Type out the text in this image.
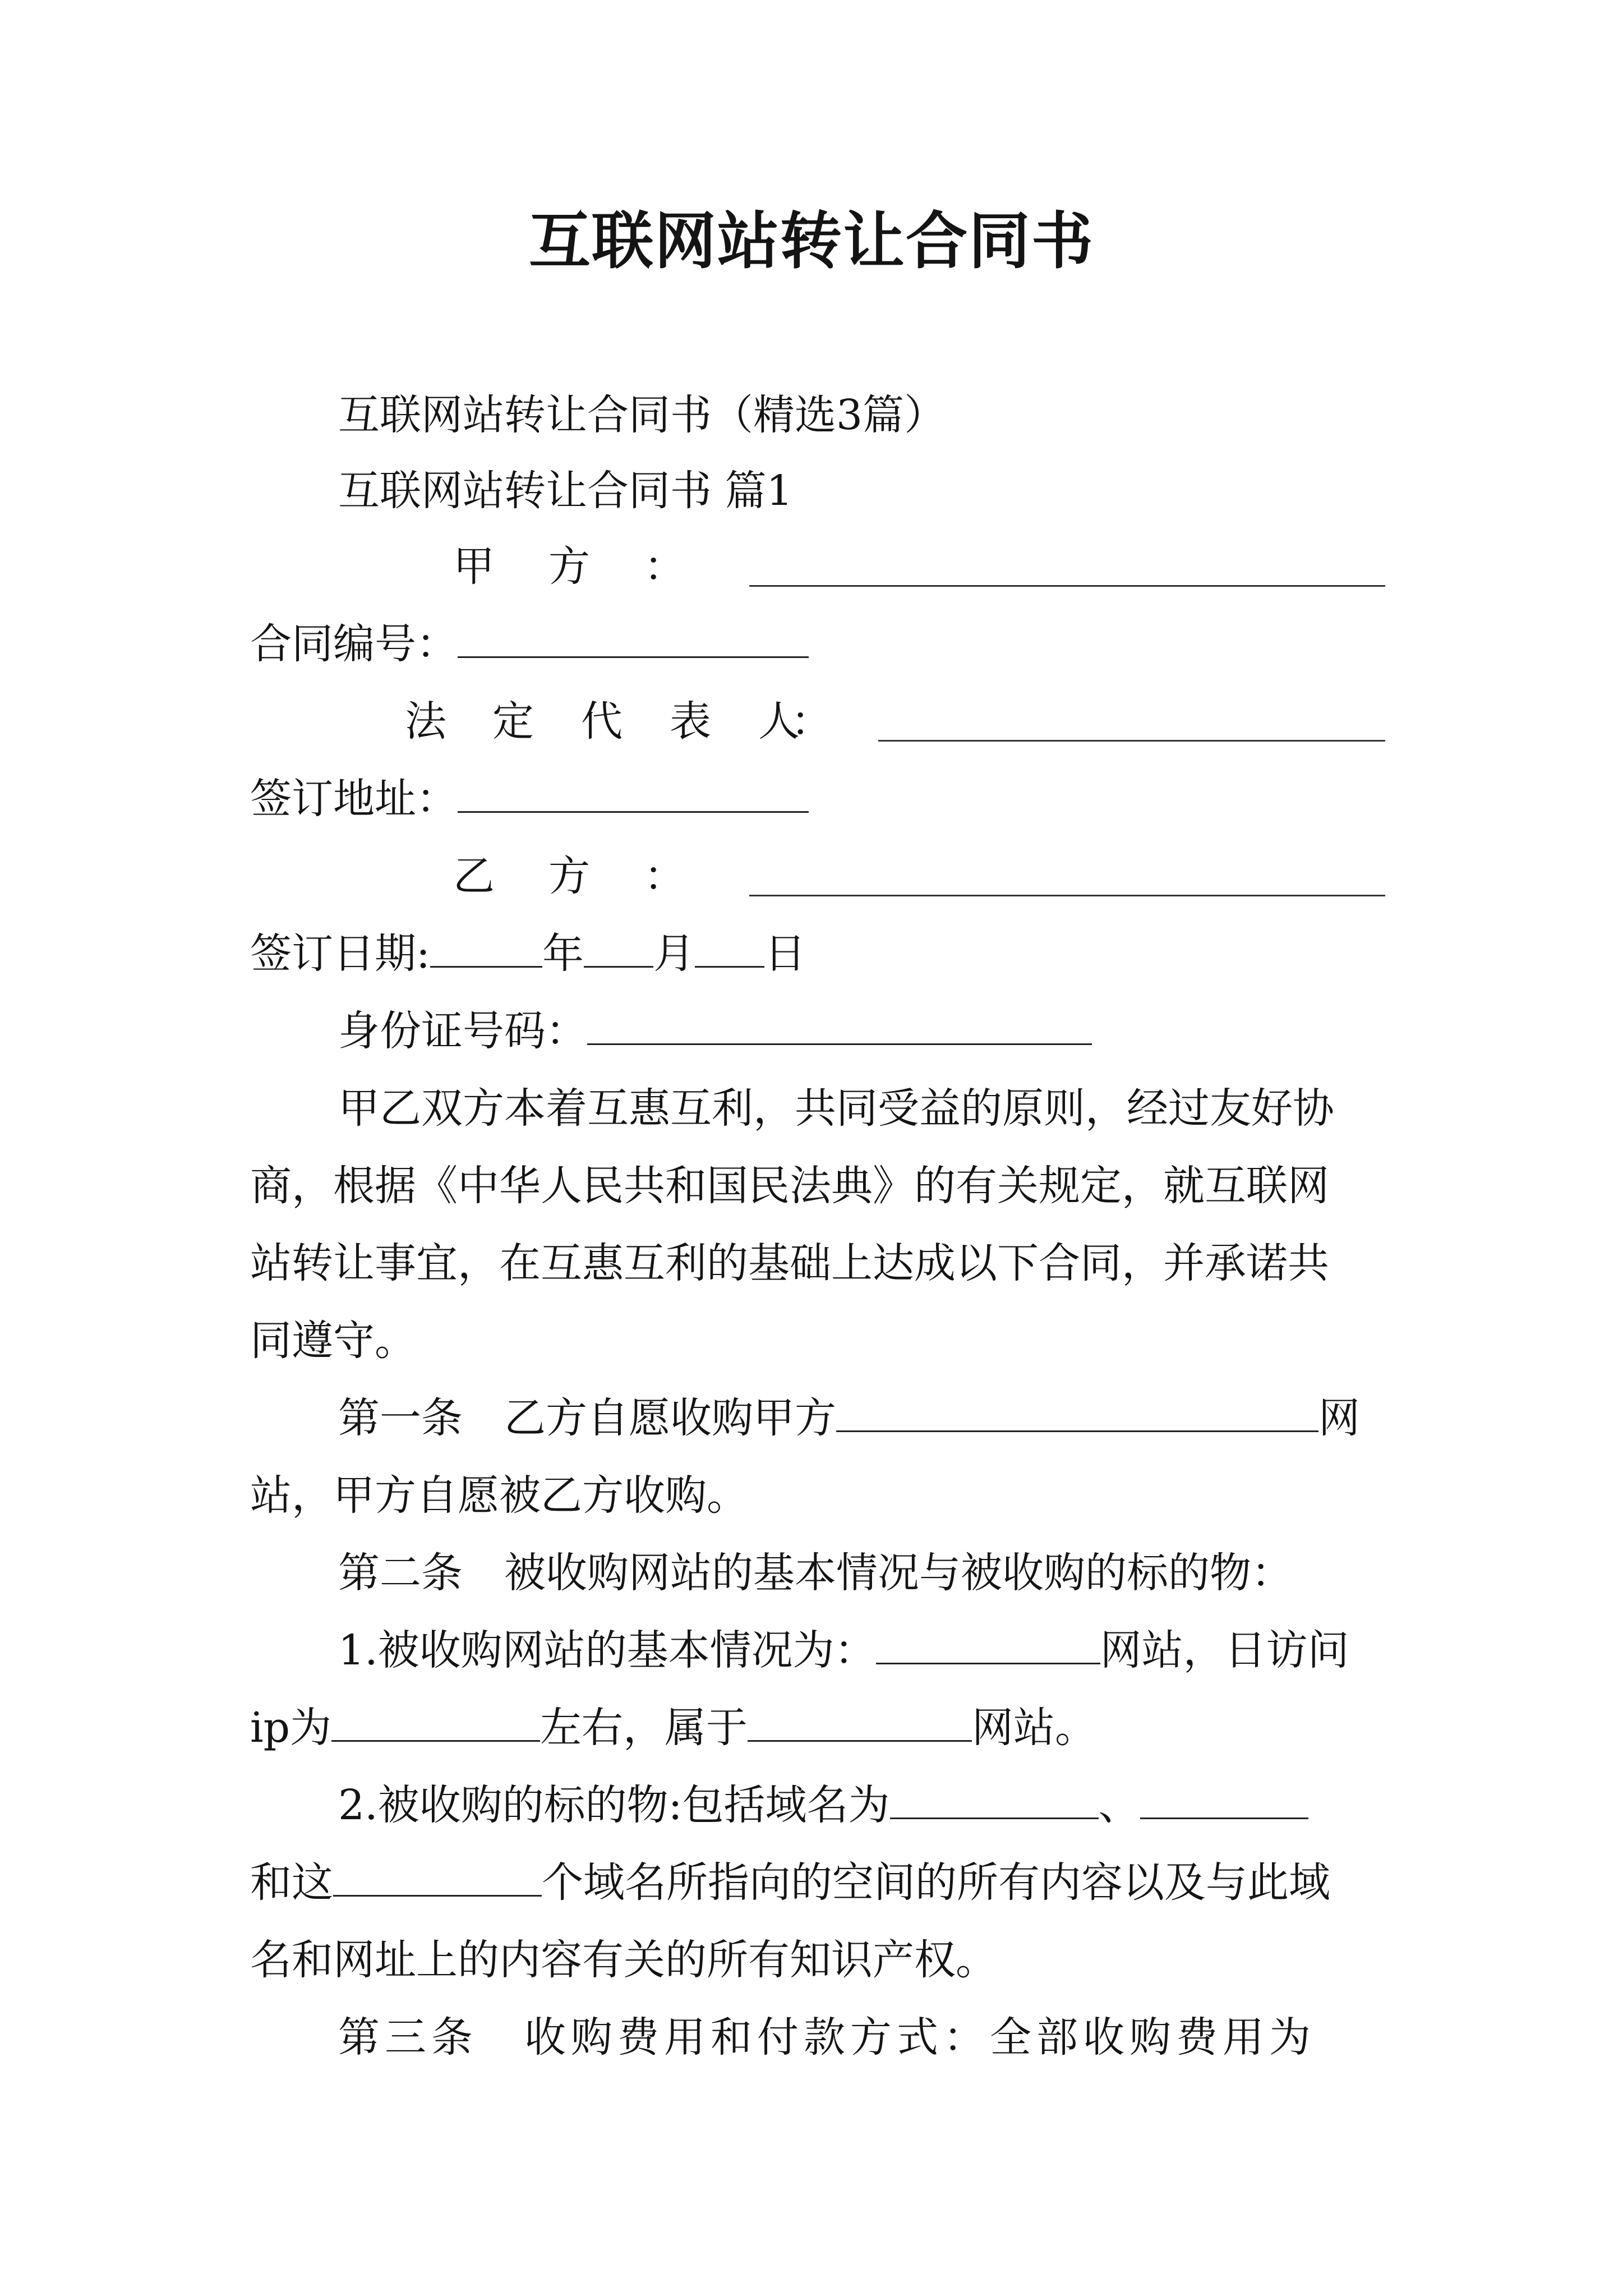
互联网站转让合同书
互联网站转让合同书（精选3篇）
互联网站转让合同书 篇1
甲 方 ：
合同编号：
法 定 代 表 人
：
签订地址：
乙 方 ：
签订日期:	年 月 日
身份证号码：
甲乙双方本着互惠互利，共同受益的原则，经过友好协
商，根据《中华人民共和国民法典》的有关规定，就互联网
站转让事宜，在互惠互利的基础上达成以下合同，并承诺共
同遵守。
第一条　乙方自愿收购甲方	网
站，甲方自愿被乙方收购。
第二条　被收购网站的基本情况与被收购的标的物：
1.被收购网站的基本情况为：	网站，日访问
ip为	左右，属于	网站。
2.被收购的标的物:包括域名为	、
和这	个域名所指向的空间的所有内容以及与此域
名和网址上的内容有关的所有知识产权。
第三条　收购费用和付款方式：全部收购费用为
